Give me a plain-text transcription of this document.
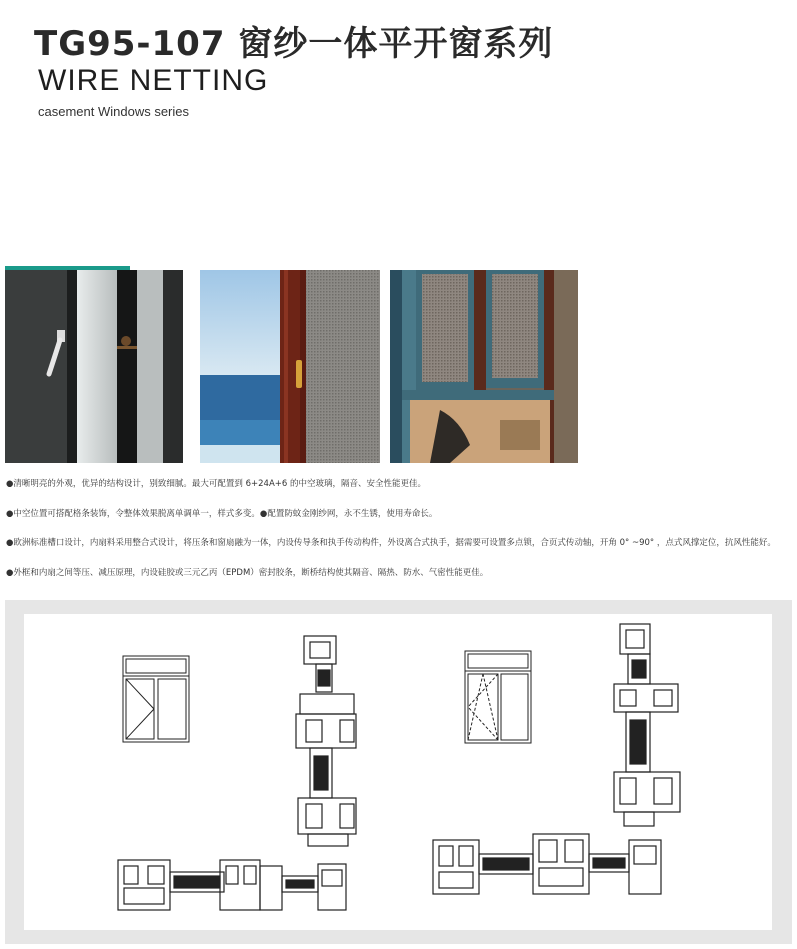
TG95-107 窗纱一体平开窗系列
WIRE NETTING
casement Windows series
●清晰明亮的外观，优异的结构设计，别致细腻。最大可配置到 6+24A+6 的中空玻璃，隔音、安全性能更佳。
●中空位置可搭配格条装饰，令整体效果脱离单调单一，样式多变。●配置防蚊金刚纱网，永不生锈，使用寿命长。
●欧洲标准槽口设计，内扇料采用整合式设计，将压条和窗扇融为一体，内设传导条和执手传动构件，外设离合式执手，据需要可设置多点锁，合页式传动轴，开角 0° ~90° ，点式风撑定位，抗风性能好。
●外框和内扇之间等压、减压原理，内设硅胶或三元乙丙（EPDM）密封胶条，断桥结构使其隔音、隔热、防水、气密性能更佳。
